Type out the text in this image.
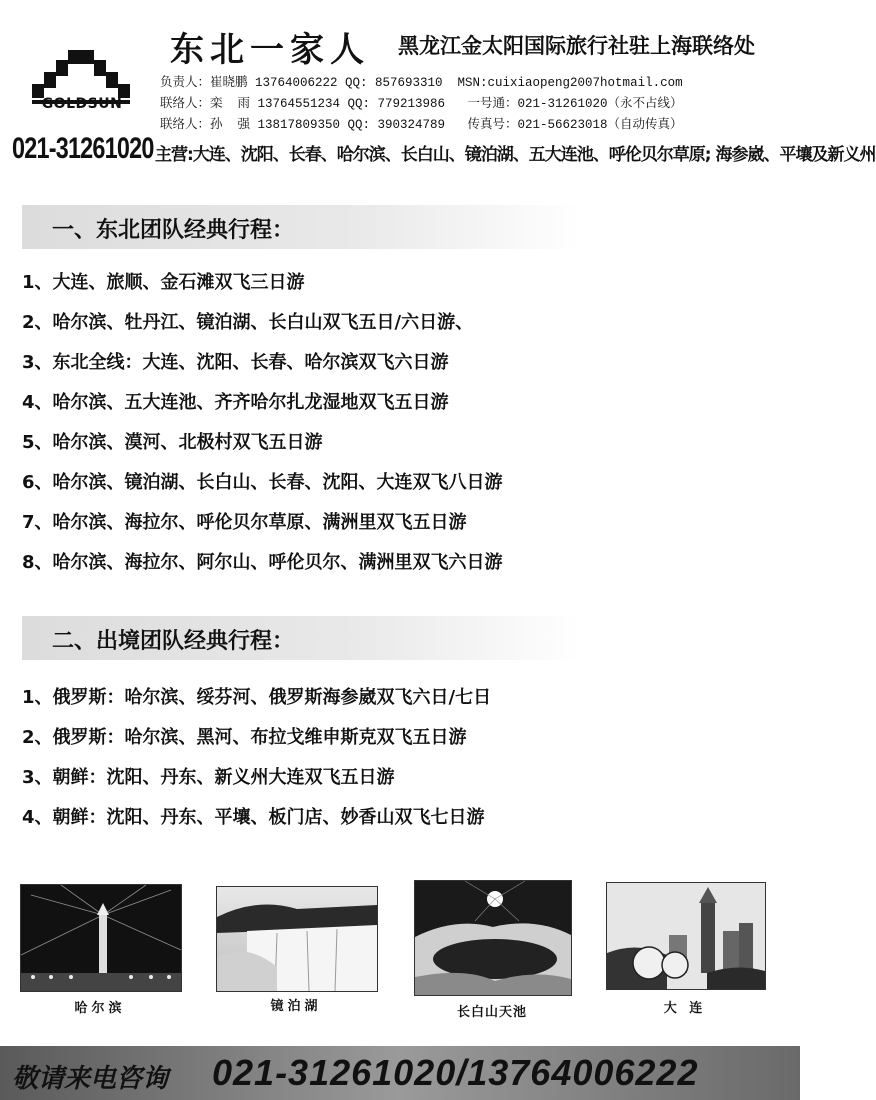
GOLDSUN
东北一家人 黑龙江金太阳国际旅行社驻上海联络处
负责人：崔晓鹏 13764006222 QQ: 857693310  MSN:cuixiaopeng2007hotmail.com
联络人：栾  雨 13764551234 QQ: 779213986   一号通：021-31261020（永不占线）
联络人：孙  强 13817809350 QQ: 390324789   传真号：021-56623018（自动传真）
021-31261020 主营:大连、沈阳、长春、哈尔滨、长白山、镜泊湖、五大连池、呼伦贝尔草原; 海参崴、平壤及新义州
一、东北团队经典行程：
1、大连、旅顺、金石滩双飞三日游
2、哈尔滨、牡丹江、镜泊湖、长白山双飞五日/六日游、
3、东北全线：大连、沈阳、长春、哈尔滨双飞六日游
4、哈尔滨、五大连池、齐齐哈尔扎龙湿地双飞五日游
5、哈尔滨、漠河、北极村双飞五日游
6、哈尔滨、镜泊湖、长白山、长春、沈阳、大连双飞八日游
7、哈尔滨、海拉尔、呼伦贝尔草原、满洲里双飞五日游
8、哈尔滨、海拉尔、阿尔山、呼伦贝尔、满洲里双飞六日游
二、出境团队经典行程：
1、俄罗斯：哈尔滨、绥芬河、俄罗斯海参崴双飞六日/七日
2、俄罗斯：哈尔滨、黑河、布拉戈维申斯克双飞五日游
3、朝鲜：沈阳、丹东、新义州大连双飞五日游
4、朝鲜：沈阳、丹东、平壤、板门店、妙香山双飞七日游
哈尔滨	镜泊湖	长白山天池	大 连
敬请来电咨询 021-31261020/13764006222
